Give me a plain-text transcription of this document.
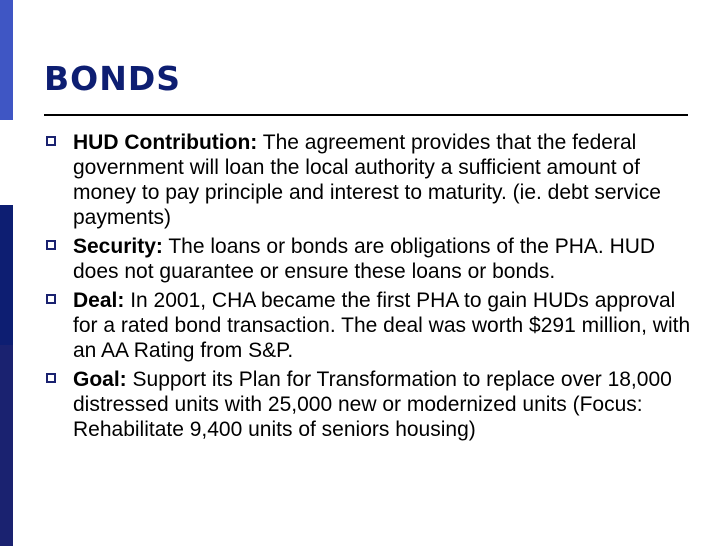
BONDS
HUD Contribution: The agreement provides that the federal government will loan the local authority a sufficient amount of money to pay principle and interest to maturity. (ie. debt service payments)
Security: The loans or bonds are obligations of the PHA. HUD does not guarantee or ensure these loans or bonds.
Deal: In 2001, CHA became the first PHA to gain HUDs approval for a rated bond transaction. The deal was worth $291 million, with an AA Rating from S&P.
Goal: Support its Plan for Transformation to replace over 18,000 distressed units with 25,000 new or modernized units (Focus: Rehabilitate 9,400 units of seniors housing)
